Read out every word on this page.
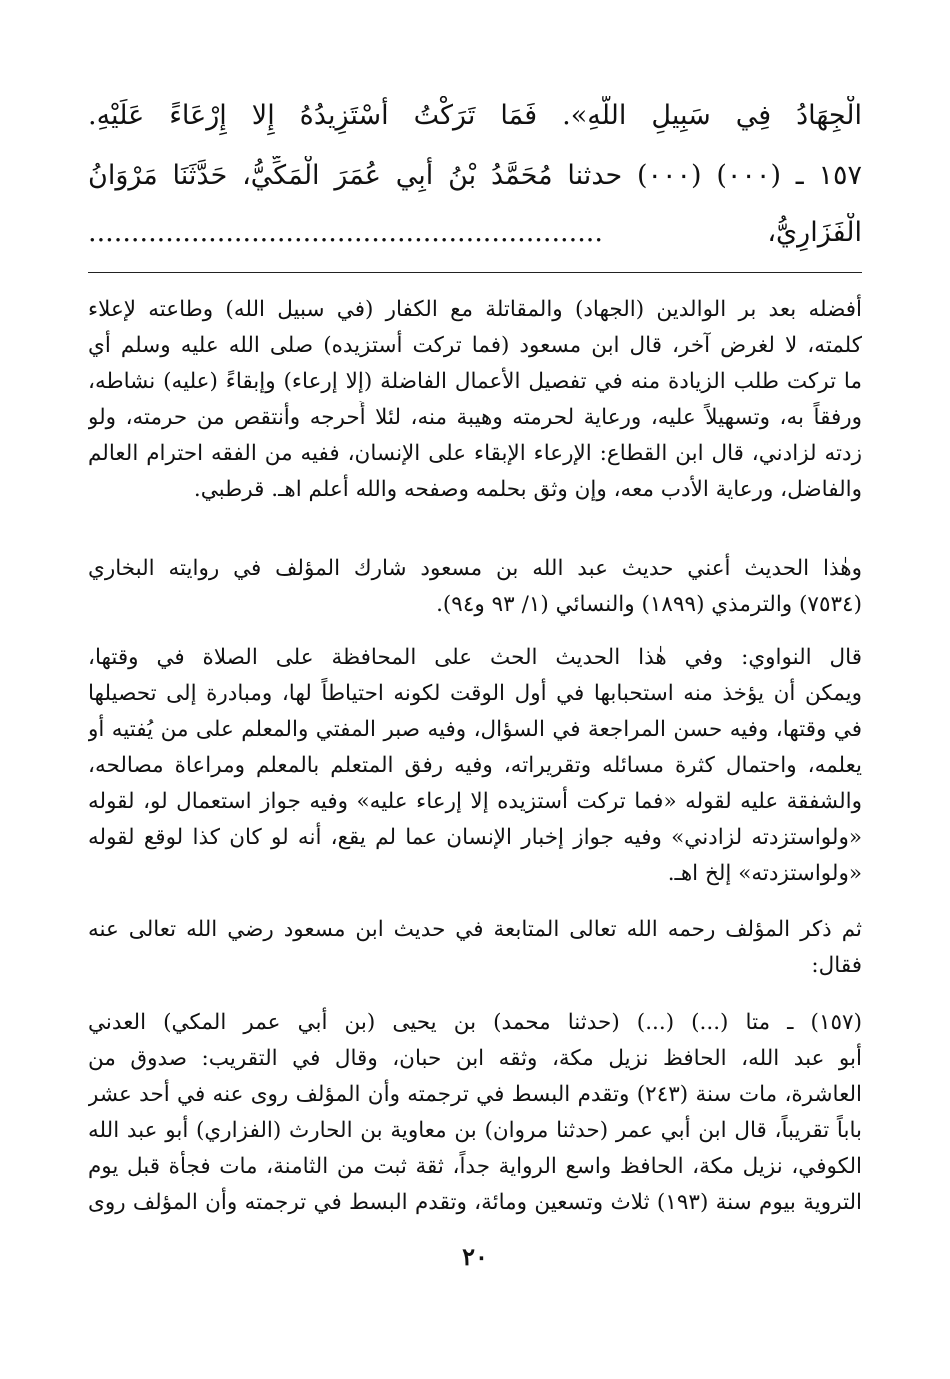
الْجِهَادُ فِي سَبِيلِ اللَّهِ». فَمَا تَرَكْتُ أَسْتَزِيدُهُ إِلا إِرْعَاءً عَلَيْهِ.
١٥٧ ـ (٠٠٠) (٠٠٠) حدثنا مُحَمَّدُ بْنُ أَبِي عُمَرَ الْمَكِّيُّ، حَدَّثَنَا مَرْوَانُ
الْفَزَارِيُّ، ............................................................
أفضله بعد بر الوالدين (الجهاد) والمقاتلة مع الكفار (في سبيل الله) وطاعته لإعلاء
كلمته، لا لغرض آخر، قال ابن مسعود (فما تركت أستزيده) صلى الله عليه وسلم أي
ما تركت طلب الزيادة منه في تفصيل الأعمال الفاضلة (إلا إرعاء) وإبقاءً (عليه) نشاطه،
ورفقاً به، وتسهيلاً عليه، ورعاية لحرمته وهيبة منه، لئلا أُحرجه وأنتقص من حرمته، ولو
زدته لزادني، قال ابن القطاع: الإرعاء الإبقاء على الإنسان، ففيه من الفقه احترام العالم
والفاضل، ورعاية الأدب معه، وإن وثق بحلمه وصفحه والله أعلم اهـ. قرطبي.
وهٰذا الحديث أعني حديث عبد الله بن مسعود شارك المؤلف في روايته البخاري
(٧٥٣٤) والترمذي (١٨٩٩) والنسائي (١/ ٩٣ و٩٤).
قال النواوي: وفي هٰذا الحديث الحث على المحافظة على الصلاة في وقتها،
ويمكن أن يؤخذ منه استحبابها في أول الوقت لكونه احتياطاً لها، ومبادرة إلى تحصيلها
في وقتها، وفيه حسن المراجعة في السؤال، وفيه صبر المفتي والمعلم على من يُفتيه أو
يعلمه، واحتمال كثرة مسائله وتقريراته، وفيه رفق المتعلم بالمعلم ومراعاة مصالحه،
والشفقة عليه لقوله «فما تركت أستزيده إلا إرعاء عليه» وفيه جواز استعمال لو، لقوله
«ولواستزدته لزادني» وفيه جواز إخبار الإنسان عما لم يقع، أنه لو كان كذا لوقع لقوله
«ولواستزدته» إلخ اهـ.
ثم ذكر المؤلف رحمه الله تعالى المتابعة في حديث ابن مسعود رضي الله تعالى عنه
فقال:
(١٥٧) ـ متا (...) (...) (حدثنا محمد) بن يحيى (بن أبي عمر المكي) العدني
أبو عبد الله، الحافظ نزيل مكة، وثقه ابن حبان، وقال في التقريب: صدوق من
العاشرة، مات سنة (٢٤٣) وتقدم البسط في ترجمته وأن المؤلف روى عنه في أحد عشر
باباً تقريباً، قال ابن أبي عمر (حدثنا مروان) بن معاوية بن الحارث (الفزاري) أبو عبد الله
الكوفي، نزيل مكة، الحافظ واسع الرواية جداً، ثقة ثبت من الثامنة، مات فجأة قبل يوم
التروية بيوم سنة (١٩٣) ثلاث وتسعين ومائة، وتقدم البسط في ترجمته وأن المؤلف روى
٢٠
